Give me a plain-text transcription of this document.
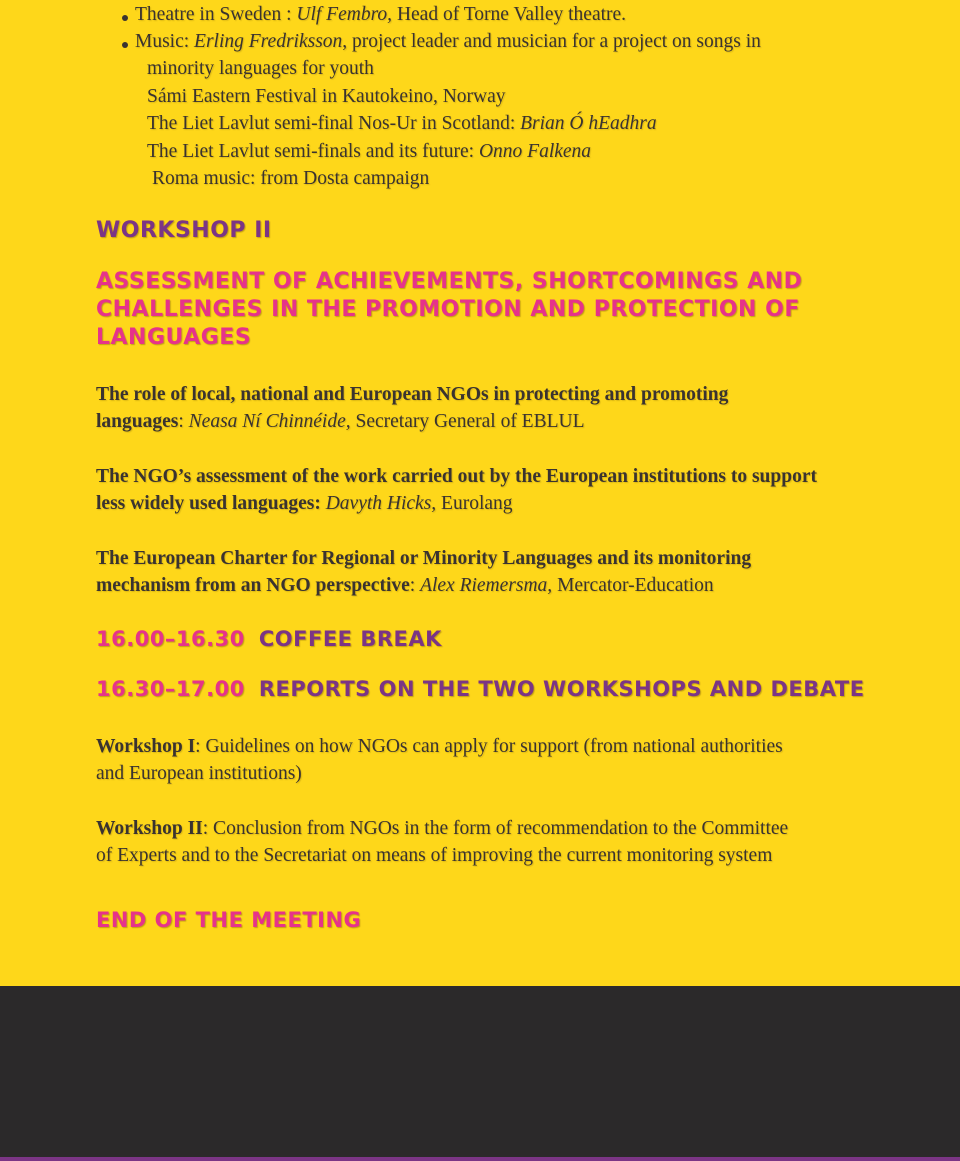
Theatre in Sweden : Ulf Fembro, Head of Torne Valley theatre.
Music: Erling Fredriksson, project leader and musician for a project on songs in
minority languages for youth
Sámi Eastern Festival in Kautokeino, Norway
The Liet Lavlut semi-final Nos-Ur in Scotland: Brian Ó hEadhra
The Liet Lavlut semi-finals and its future: Onno Falkena
Roma music: from Dosta campaign
WORKSHOP II
ASSESSMENT OF ACHIEVEMENTS, SHORTCOMINGS AND
CHALLENGES IN THE PROMOTION AND PROTECTION OF
LANGUAGES
The role of local, national and European NGOs in protecting and promoting
languages: Neasa Ní Chinnéide, Secretary General of EBLUL
The NGO’s assessment of the work carried out by the European institutions to support
less widely used languages: Davyth Hicks, Eurolang
The European Charter for Regional or Minority Languages and its monitoring
mechanism from an NGO perspective: Alex Riemersma, Mercator-Education
16.00–16.30 COFFEE BREAK
16.30–17.00 REPORTS ON THE TWO WORKSHOPS AND DEBATE
Workshop I: Guidelines on how NGOs can apply for support (from national authorities
and European institutions)
Workshop II: Conclusion from NGOs in the form of recommendation to the Committee
of Experts and to the Secretariat on means of improving the current monitoring system
END OF THE MEETING
